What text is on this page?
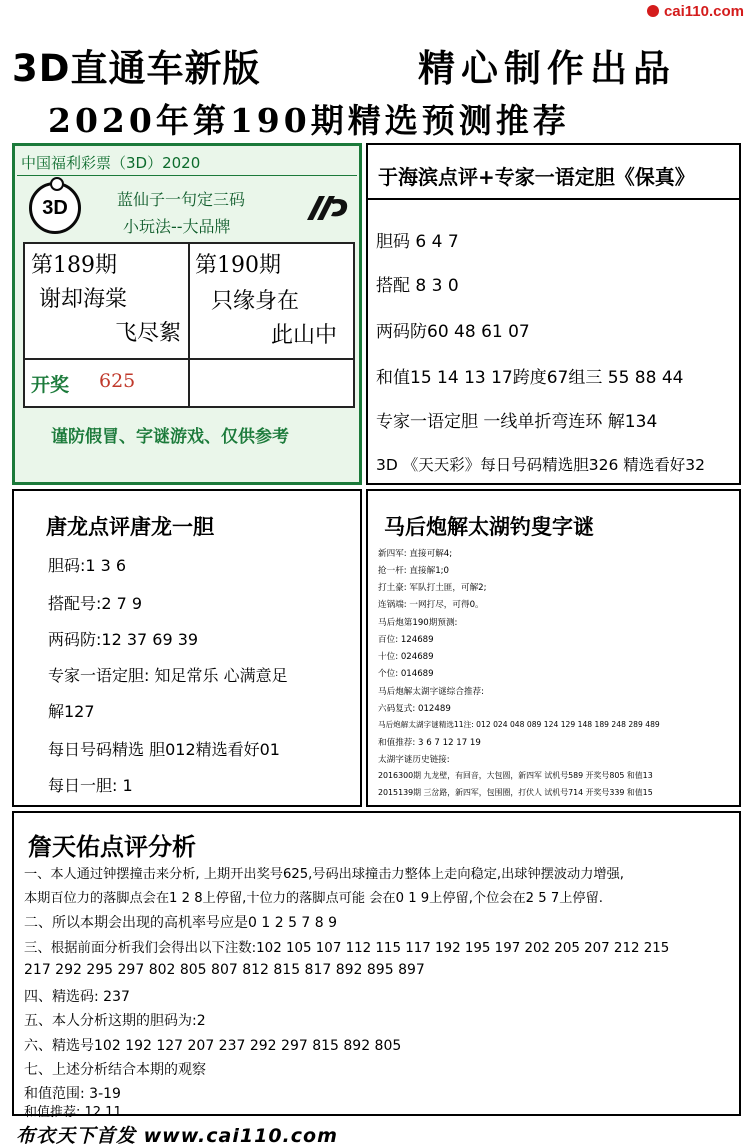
cai110.com
3D直通车新版	精心制作出品
2020年第190期精选预测推荐
中国福利彩票（3D）2020
3D	蓝仙子一句定三码
小玩法--大品牌
第189期
谢却海棠
飞尽絮
第190期
只缘身在
此山中
开奖 625
谨防假冒、字谜游戏、仅供参考
于海滨点评+专家一语定胆《保真》
胆码 6 4 7
搭配 8 3 0
两码防60 48 61 07
和值15 14 13 17跨度67组三 55 88 44
专家一语定胆 一线单折弯连环 解134
3D 《天天彩》每日号码精选胆326 精选看好32
唐龙点评唐龙一胆
胆码:1 3 6
搭配号:2 7 9
两码防:12 37 69 39
专家一语定胆: 知足常乐 心满意足
解127
每日号码精选 胆012精选看好01
每日一胆: 1
马后炮解太湖钓叟字谜
新四军: 直接可解4;
抢一杆: 直接解1;0
打土豪: 军队打土匪，可解2;
连锅端: 一网打尽，可得0。
马后炮第190期预测:
百位: 124689
十位: 024689
个位: 014689
马后炮解太湖字谜综合推荐:
六码复式: 012489
马后炮解太湖字谜精选11注: 012 024 048 089 124 129 148 189 248 289 489
和值推荐: 3 6 7 12 17 19
太湖字谜历史链接:
2016300期 九龙壁，有回音，大包圆，新四军 试机号589 开奖号805 和值13
2015139期 三岔路，新四军，包围圈，打伏人 试机号714 开奖号339 和值15
詹天佑点评分析
一、本人通过钟摆撞击来分析, 上期开出奖号625,号码出球撞击力整体上走向稳定,出球钟摆波动力增强,
本期百位力的落脚点会在1 2 8上停留,十位力的落脚点可能 会在0 1 9上停留,个位会在2 5 7上停留.
二、所以本期会出现的高机率号应是0 1 2 5 7 8 9
三、根据前面分析我们会得出以下注数:102 105 107 112 115 117 192 195 197 202 205 207 212 215
217 292 295 297 802 805 807 812 815 817 892 895 897
四、精选码: 237
五、本人分析这期的胆码为:2
六、精选号102 192 127 207 237 292 297 815 892 805
七、上述分析结合本期的观察
和值范围: 3-19
和值推荐: 12 11
布衣天下首发 www.cai110.com
